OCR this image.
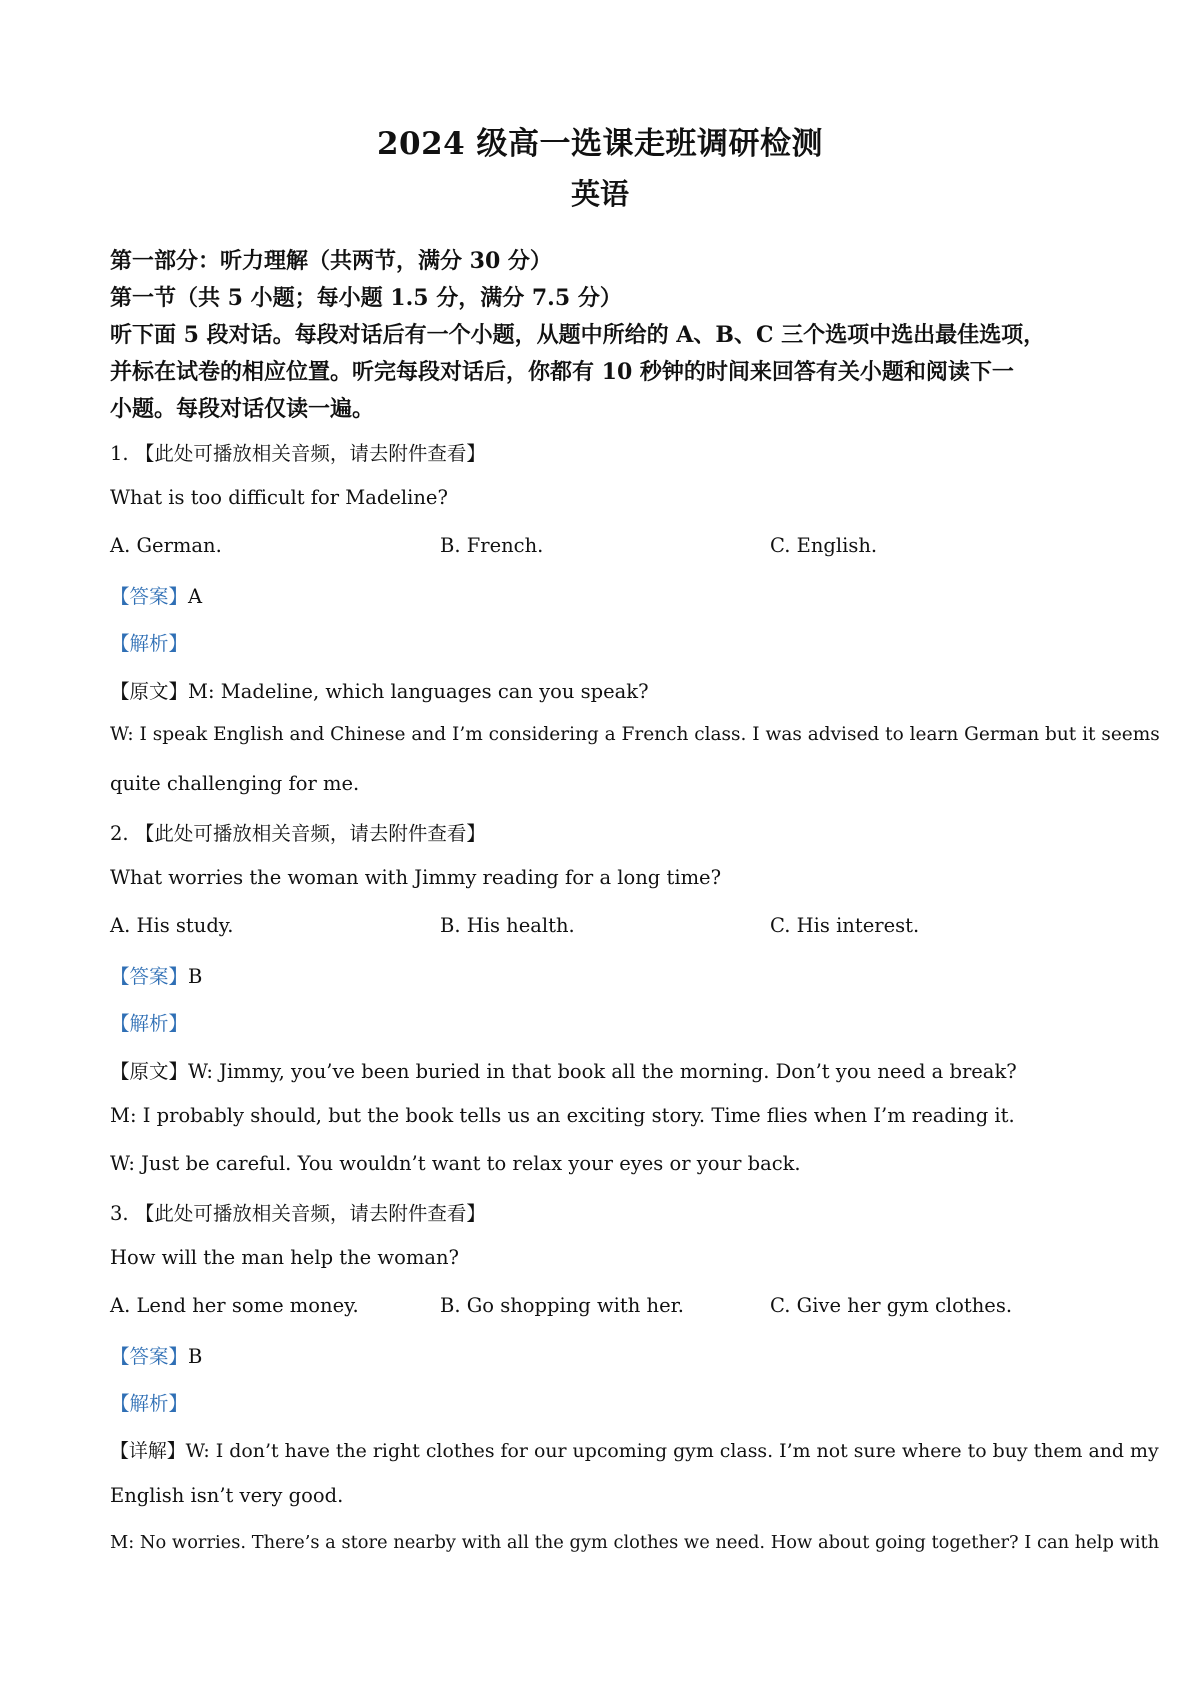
2024 级高一选课走班调研检测
英语
第一部分：听力理解（共两节，满分 30 分）
第一节（共 5 小题；每小题 1.5 分，满分 7.5 分）
听下面 5 段对话。每段对话后有一个小题，从题中所给的 A、B、C 三个选项中选出最佳选项，
并标在试卷的相应位置。听完每段对话后，你都有 10 秒钟的时间来回答有关小题和阅读下一
小题。每段对话仅读一遍。
1. 【此处可播放相关音频，请去附件查看】
What is too difficult for Madeline?
A. German.	B. French.	C. English.
【答案】A
【解析】
【原文】M: Madeline, which languages can you speak?
W: I speak English and Chinese and I’m considering a French class. I was advised to learn German but it seems
quite challenging for me.
2. 【此处可播放相关音频，请去附件查看】
What worries the woman with Jimmy reading for a long time?
A. His study.	B. His health.	C. His interest.
【答案】B
【解析】
【原文】W: Jimmy, you’ve been buried in that book all the morning. Don’t you need a break?
M: I probably should, but the book tells us an exciting story. Time flies when I’m reading it.
W: Just be careful. You wouldn’t want to relax your eyes or your back.
3. 【此处可播放相关音频，请去附件查看】
How will the man help the woman?
A. Lend her some money.	B. Go shopping with her.	C. Give her gym clothes.
【答案】B
【解析】
【详解】W: I don’t have the right clothes for our upcoming gym class. I’m not sure where to buy them and my
English isn’t very good.
M: No worries. There’s a store nearby with all the gym clothes we need. How about going together? I can help with
